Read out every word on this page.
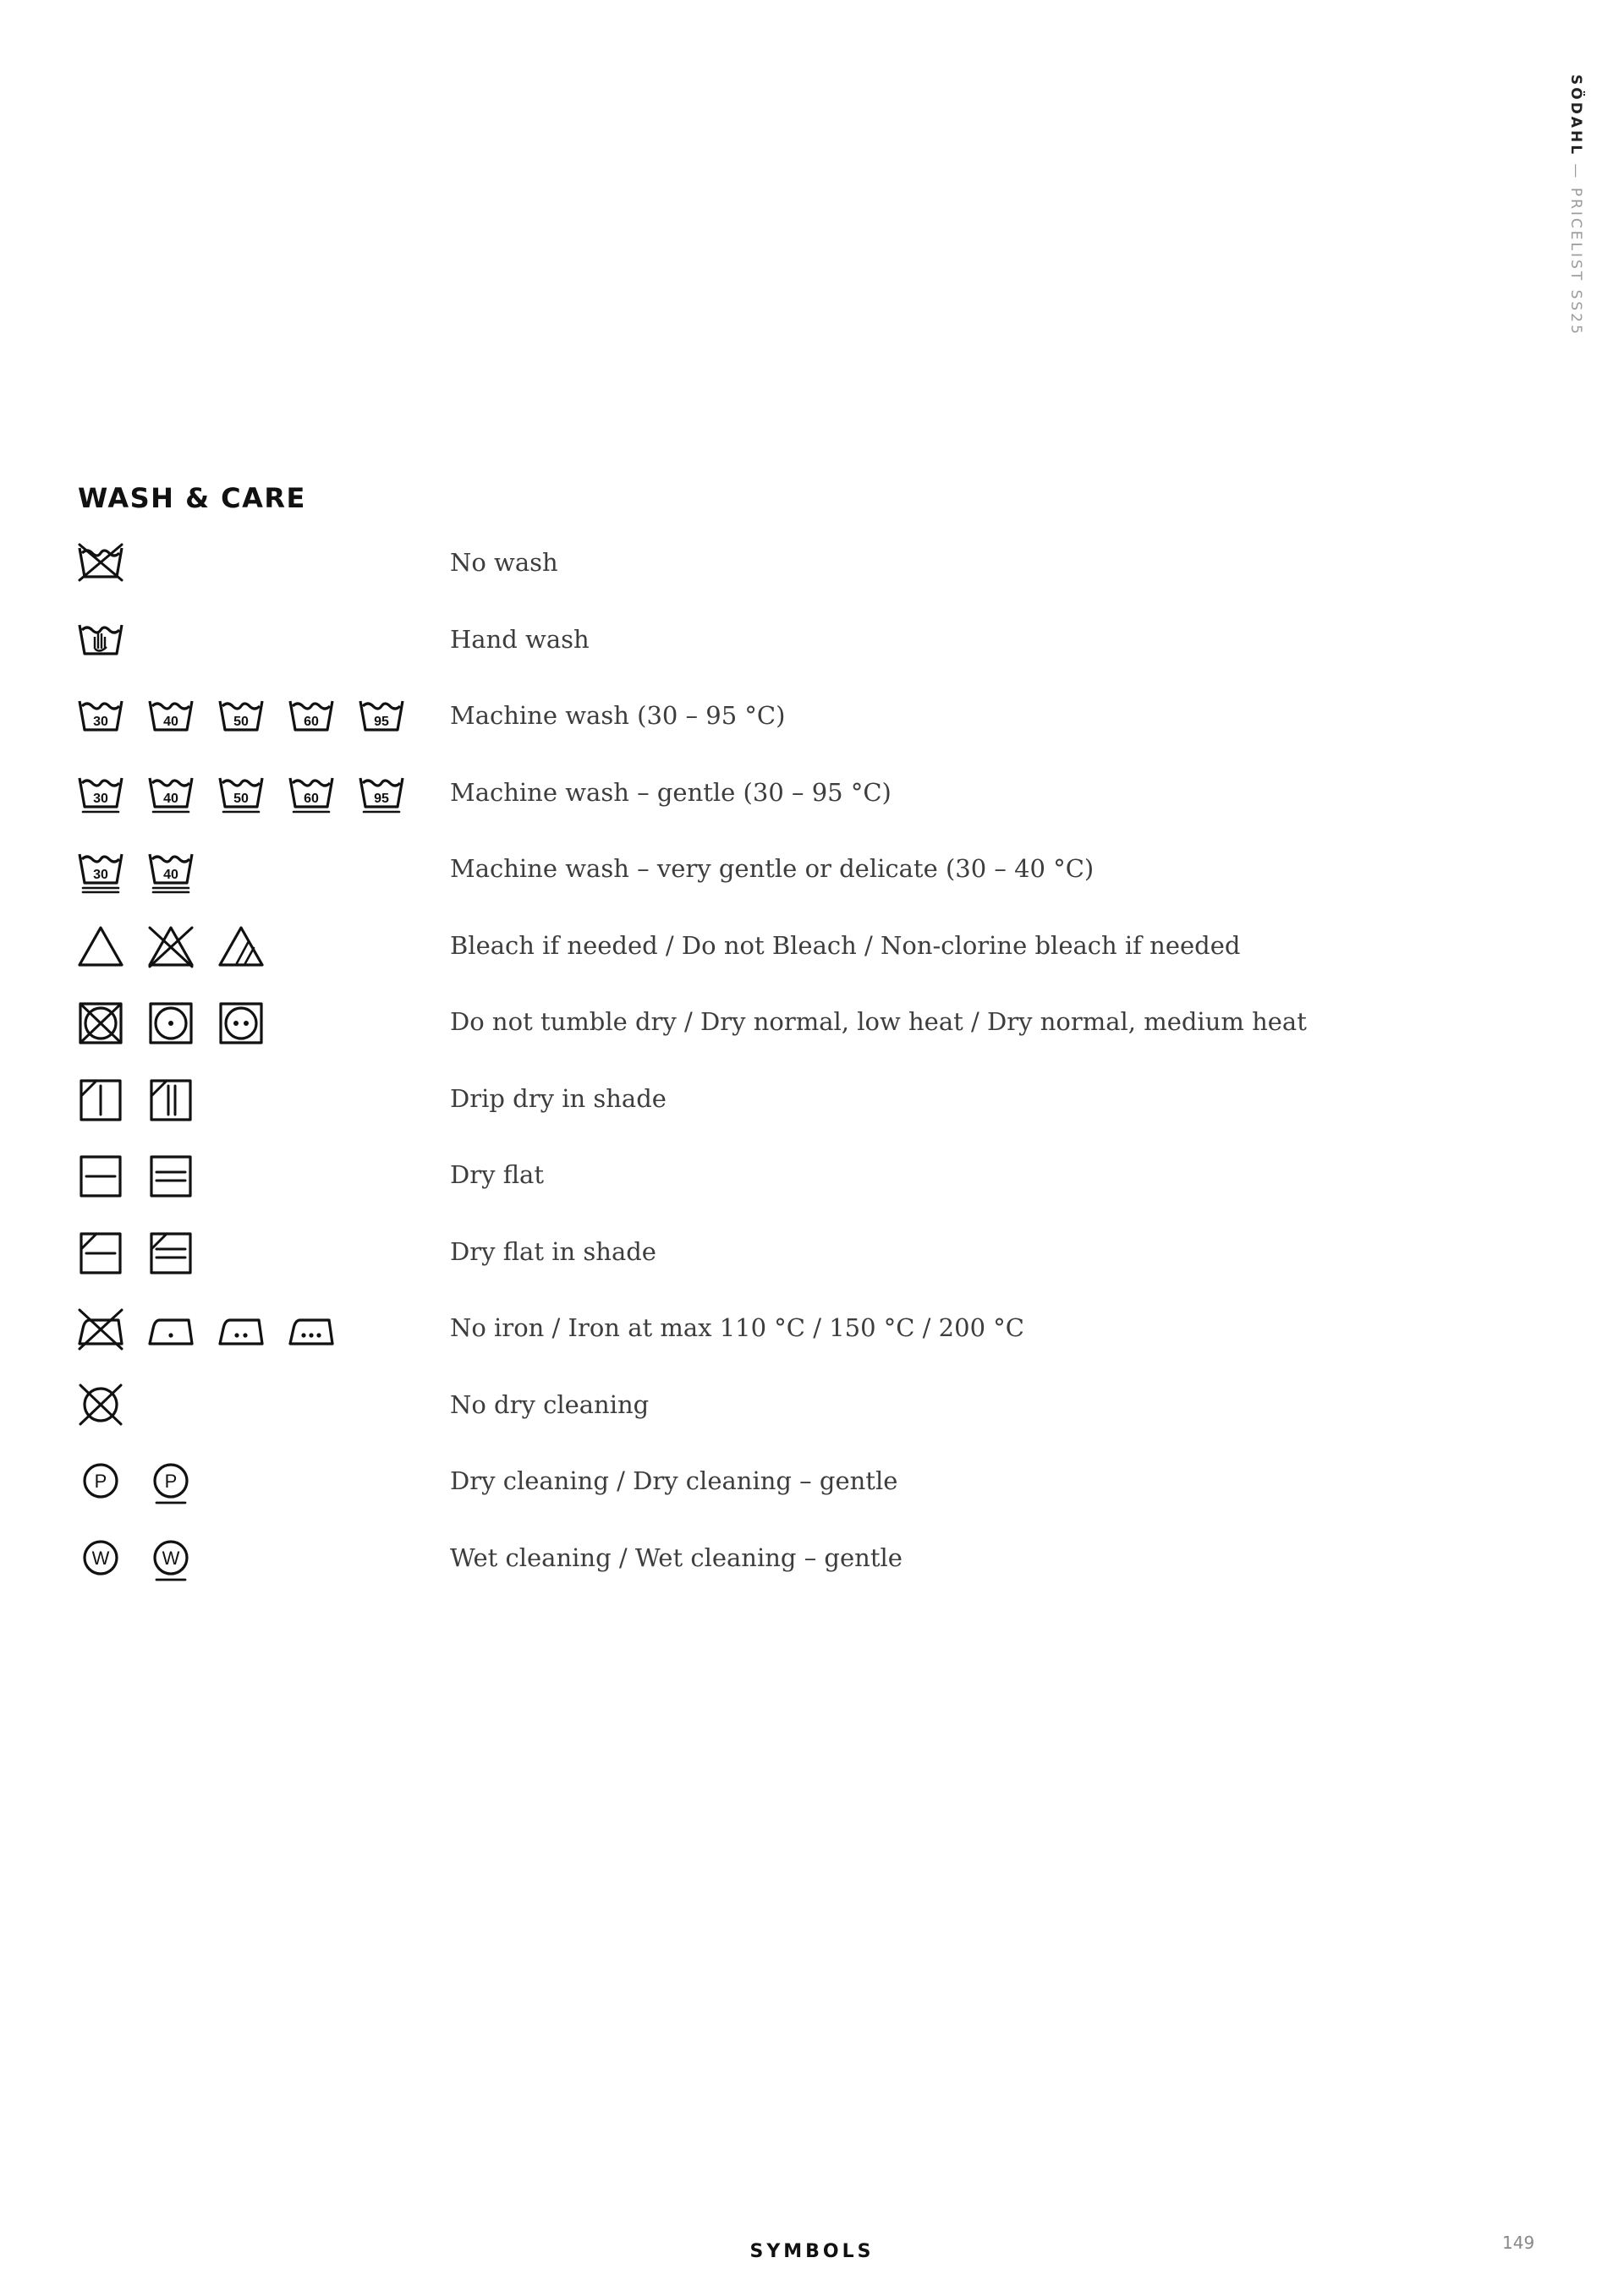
SÖDAHL — PRICELIST SS25
WASH & CARE
No wash
Hand wash
30	40	50	60	95 Machine wash (30 – 95 °C)
30	40	50	60	95 Machine wash – gentle (30 – 95 °C)
30	40	Machine wash – very gentle or delicate (30 – 40 °C)
Bleach if needed / Do not Bleach / Non-clorine bleach if needed
Do not tumble dry / Dry normal, low heat / Dry normal, medium heat
Drip dry in shade
Dry flat
Dry flat in shade
No iron / Iron at max 110 °C / 150 °C / 200 °C
No dry cleaning
P	P	Dry cleaning / Dry cleaning – gentle
W	W	Wet cleaning / Wet cleaning – gentle
SYMBOLS	149
